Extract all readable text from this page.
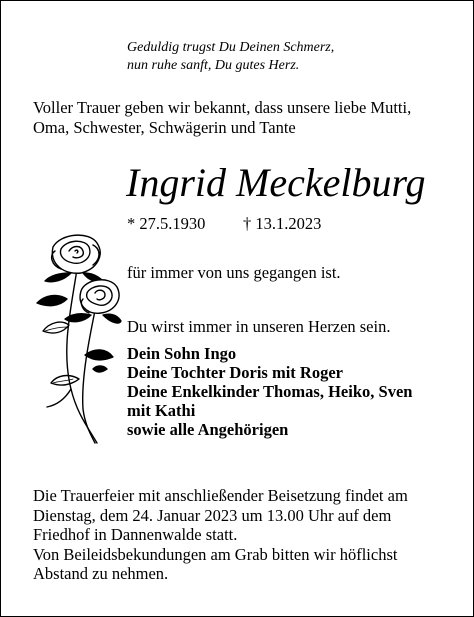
Geduldig trugst Du Deinen Schmerz,
nun ruhe sanft, Du gutes Herz.
Voller Trauer geben wir bekannt, dass unsere liebe Mutti,
Oma, Schwester, Schwägerin und Tante
Ingrid Meckelburg
* 27.5.1930 † 13.1.2023
für immer von uns gegangen ist.
Du wirst immer in unseren Herzen sein.
Dein Sohn Ingo
Deine Tochter Doris mit Roger
Deine Enkelkinder Thomas, Heiko, Sven
mit Kathi
sowie alle Angehörigen
Die Trauerfeier mit anschließender Beisetzung findet am
Dienstag, dem 24. Januar 2023 um 13.00 Uhr auf dem
Friedhof in Dannenwalde statt.
Von Beileidsbekundungen am Grab bitten wir höflichst
Abstand zu nehmen.
